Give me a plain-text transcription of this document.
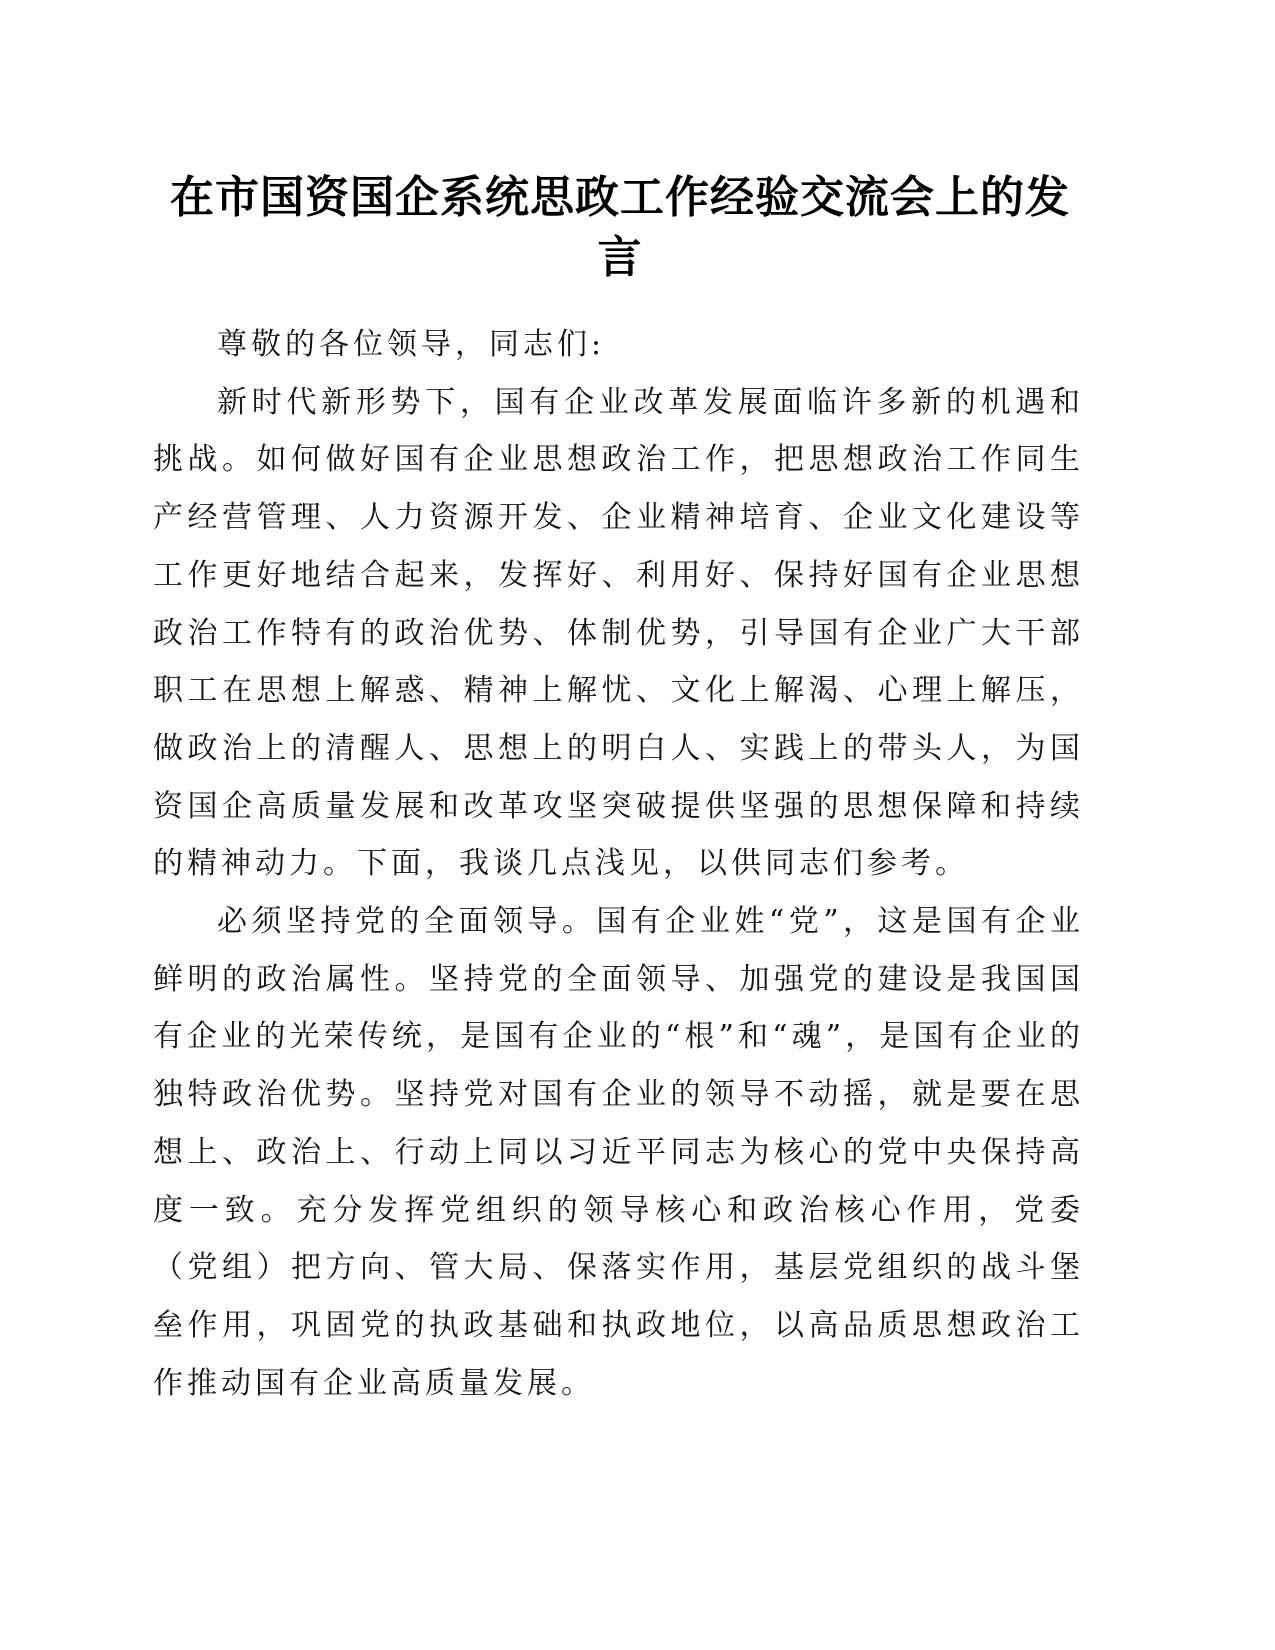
在市国资国企系统思政工作经验交流会上的发言

尊敬的各位领导，同志们:

新时代新形势下，国有企业改革发展面临许多新的机遇和挑战。如何做好国有企业思想政治工作，把思想政治工作同生产经营管理、人力资源开发、企业精神培育、企业文化建设等工作更好地结合起来，发挥好、利用好、保持好国有企业思想政治工作特有的政治优势、体制优势，引导国有企业广大干部职工在思想上解惑、精神上解忧、文化上解渴、心理上解压，做政治上的清醒人、思想上的明白人、实践上的带头人，为国资国企高质量发展和改革攻坚突破提供坚强的思想保障和持续的精神动力。下面，我谈几点浅见，以供同志们参考。

必须坚持党的全面领导。国有企业姓“党”，这是国有企业鲜明的政治属性。坚持党的全面领导、加强党的建设是我国国有企业的光荣传统，是国有企业的“根”和“魂”，是国有企业的独特政治优势。坚持党对国有企业的领导不动摇，就是要在思想上、政治上、行动上同以习近平同志为核心的党中央保持高度一致。充分发挥党组织的领导核心和政治核心作用，党委（党组）把方向、管大局、保落实作用，基层党组织的战斗堡垒作用，巩固党的执政基础和执政地位，以高品质思想政治工作推动国有企业高质量发展。
